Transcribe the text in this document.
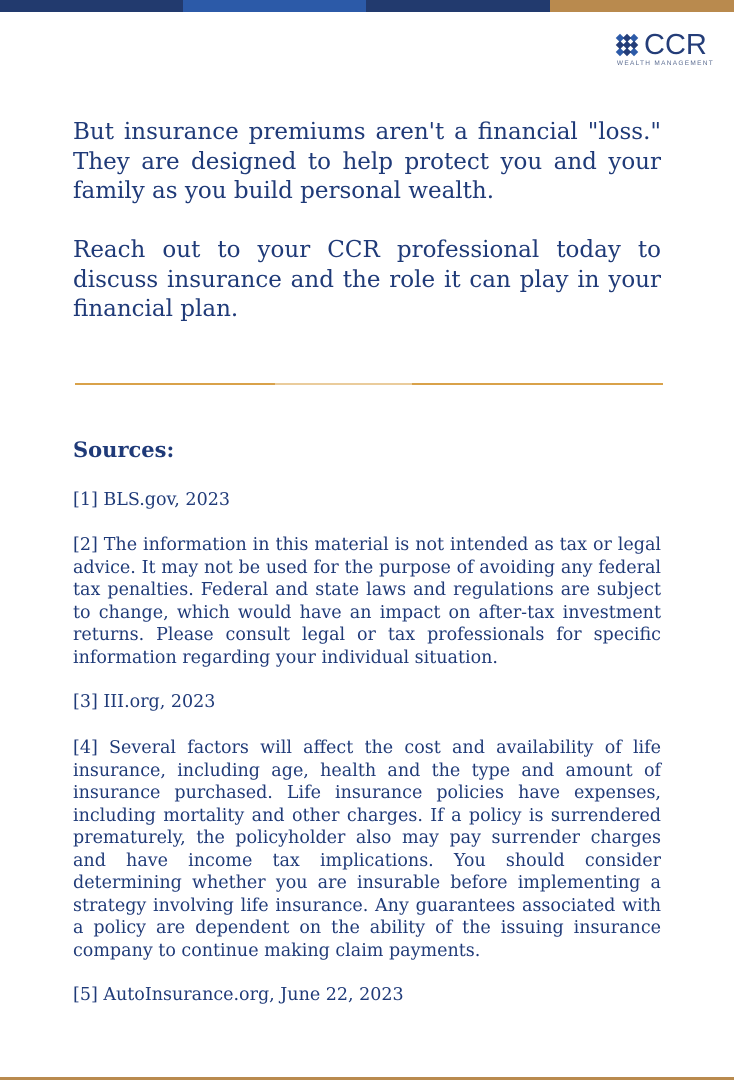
CCR
WEALTH MANAGEMENT

But insurance premiums aren't a financial "loss." They are designed to help protect you and your family as you build personal wealth.

Reach out to your CCR professional today to discuss insurance and the role it can play in your financial plan.

Sources:

[1] BLS.gov, 2023

[2] The information in this material is not intended as tax or legal advice. It may not be used for the purpose of avoiding any federal tax penalties. Federal and state laws and regulations are subject to change, which would have an impact on after-tax investment returns. Please consult legal or tax professionals for specific information regarding your individual situation.

[3] III.org, 2023

[4] Several factors will affect the cost and availability of life insurance, including age, health and the type and amount of insurance purchased. Life insurance policies have expenses, including mortality and other charges. If a policy is surrendered prematurely, the policyholder also may pay surrender charges and have income tax implications. You should consider determining whether you are insurable before implementing a strategy involving life insurance. Any guarantees associated with a policy are dependent on the ability of the issuing insurance company to continue making claim payments.

[5] AutoInsurance.org, June 22, 2023
